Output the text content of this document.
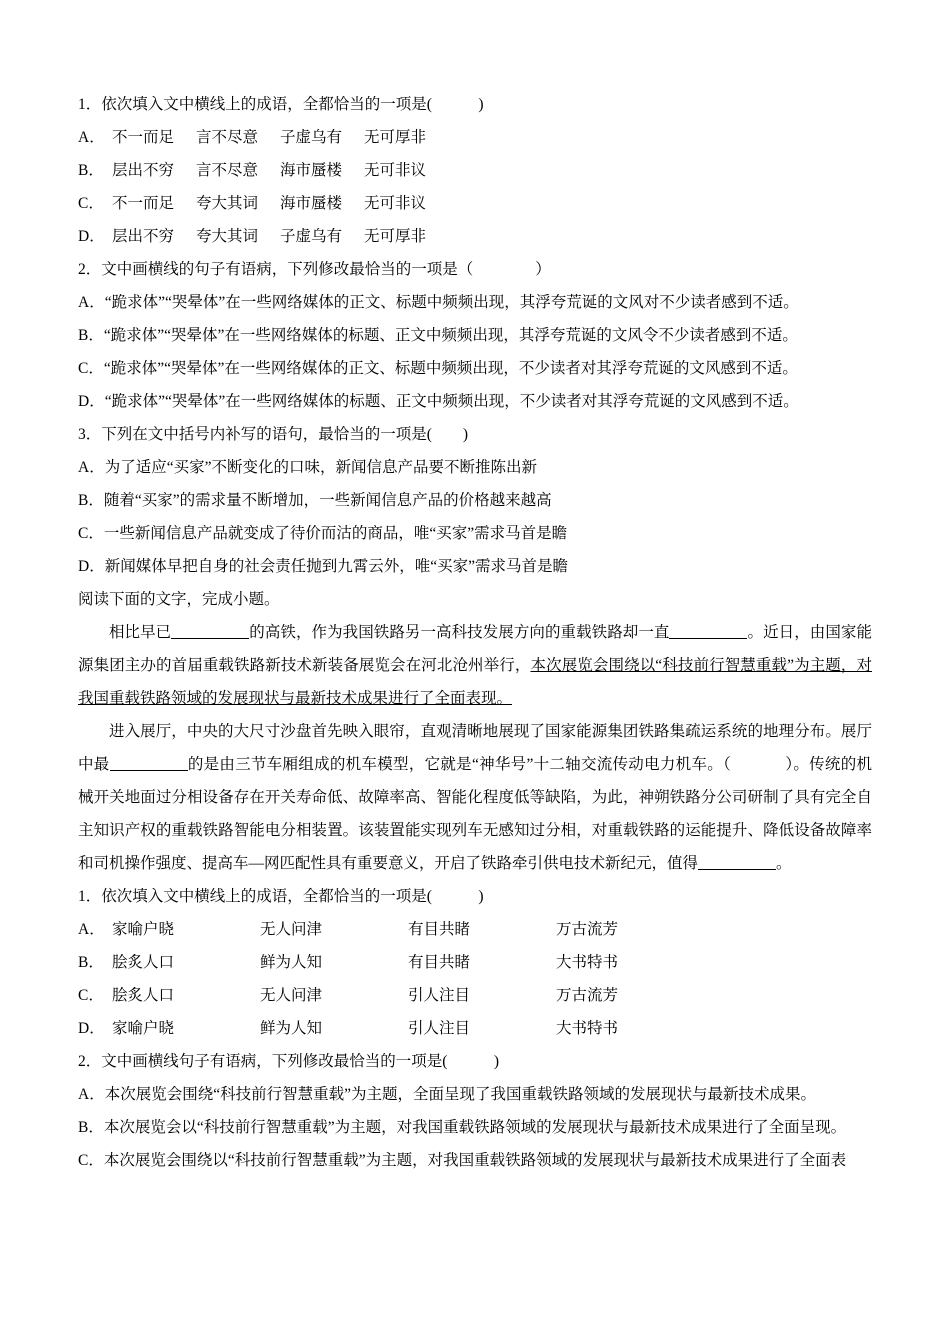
1．依次填入文中横线上的成语，全都恰当的一项是(　　　)
A． 不一而足 言不尽意 子虚乌有 无可厚非
B． 层出不穷 言不尽意 海市蜃楼 无可非议
C． 不一而足 夸大其词 海市蜃楼 无可非议
D． 层出不穷 夸大其词 子虚乌有 无可厚非
2．文中画横线的句子有语病，下列修改最恰当的一项是（　　　　）
A．“跪求体”“哭晕体”在一些网络媒体的正文、标题中频频出现，其浮夸荒诞的文风对不少读者感到不适。
B．“跪求体”“哭晕体”在一些网络媒体的标题、正文中频频出现，其浮夸荒诞的文风令不少读者感到不适。
C．“跪求体”“哭晕体”在一些网络媒体的正文、标题中频频出现，不少读者对其浮夸荒诞的文风感到不适。
D．“跪求体”“哭晕体”在一些网络媒体的标题、正文中频频出现，不少读者对其浮夸荒诞的文风感到不适。
3．下列在文中括号内补写的语句，最恰当的一项是(　　)
A．为了适应“买家”不断变化的口味，新闻信息产品要不断推陈出新
B．随着“买家”的需求量不断增加，一些新闻信息产品的价格越来越高
C．一些新闻信息产品就变成了待价而沽的商品，唯“买家”需求马首是瞻
D．新闻媒体早把自身的社会责任抛到九霄云外，唯“买家”需求马首是瞻
阅读下面的文字，完成小题。

相比早已	的高铁，作为我国铁路另一高科技发展方向的重载铁路却一直	。近日，由国家能源集团主办的首届重载铁路新技术新装备展览会在河北沧州举行，本次展览会围绕以“科技前行智慧重载”为主题，对我国重载铁路领域的发展现状与最新技术成果进行了全面表现。

进入展厅，中央的大尺寸沙盘首先映入眼帘，直观清晰地展现了国家能源集团铁路集疏运系统的地理分布。展厅中最	的是由三节车厢组成的机车模型，它就是“神华号”十二轴交流传动电力机车。（	）。传统的机械开关地面过分相设备存在开关寿命低、故障率高、智能化程度低等缺陷，为此，神朔铁路分公司研制了具有完全自主知识产权的重载铁路智能电分相装置。该装置能实现列车无感知过分相，对重载铁路的运能提升、降低设备故障率和司机操作强度、提高车—网匹配性具有重要意义，开启了铁路牵引供电技术新纪元，值得	。

1．依次填入文中横线上的成语，全都恰当的一项是(　　　)
A． 家喻户晓	无人问津	有目共睹	万古流芳
B． 脍炙人口	鲜为人知	有目共睹	大书特书
C． 脍炙人口	无人问津	引人注目	万古流芳
D． 家喻户晓	鲜为人知	引人注目	大书特书
2．文中画横线句子有语病，下列修改最恰当的一项是(　　　)
A．本次展览会围绕“科技前行智慧重载”为主题，全面呈现了我国重载铁路领域的发展现状与最新技术成果。
B．本次展览会以“科技前行智慧重载”为主题，对我国重载铁路领域的发展现状与最新技术成果进行了全面呈现。
C．本次展览会围绕以“科技前行智慧重载”为主题，对我国重载铁路领域的发展现状与最新技术成果进行了全面表
